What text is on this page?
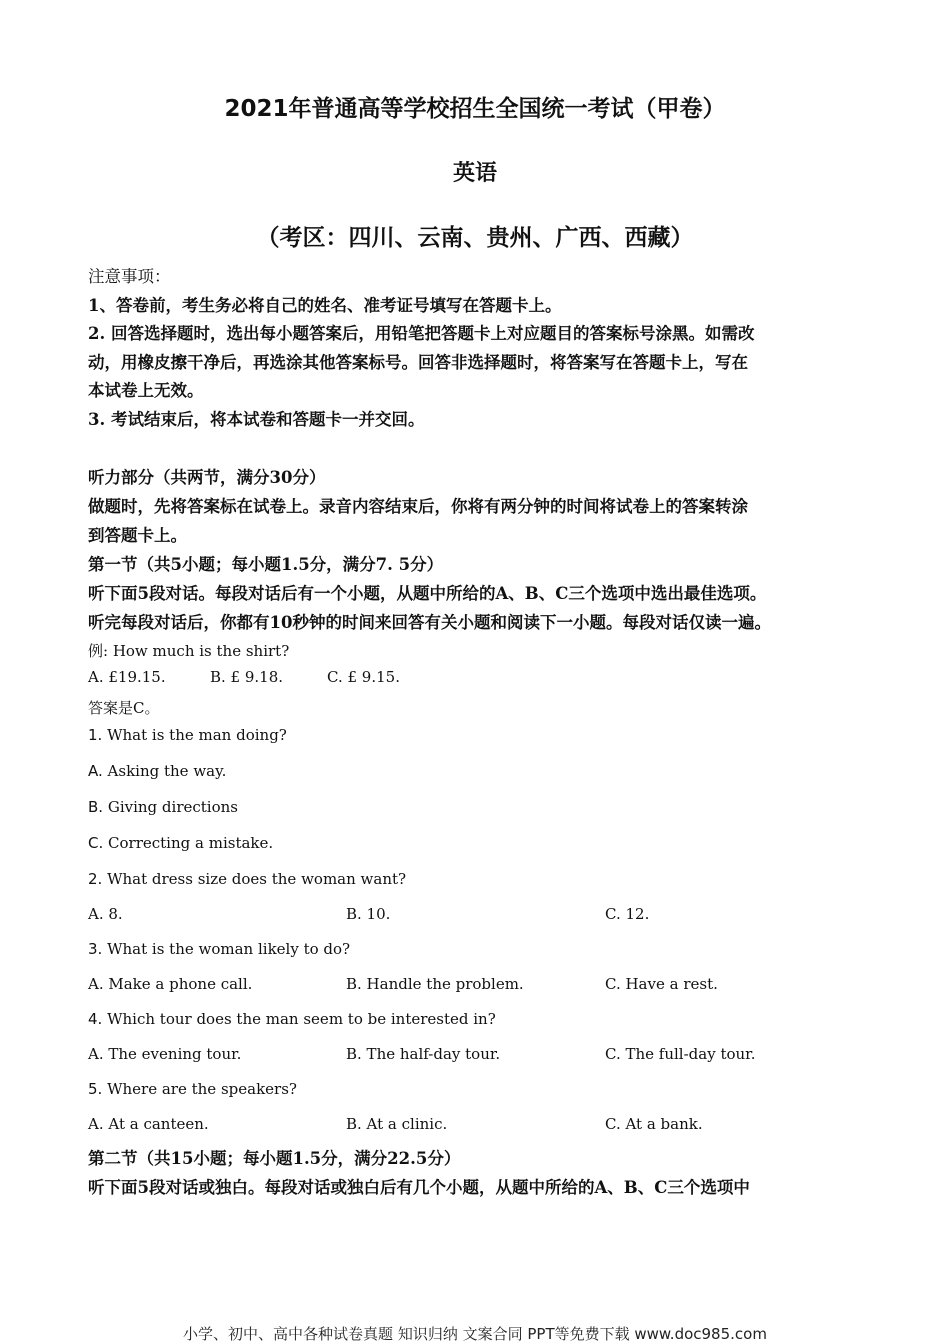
2021年普通高等学校招生全国统一考试（甲卷）
英语
（考区：四川、云南、贵州、广西、西藏）

注意事项：

1、答卷前，考生务必将自己的姓名、准考证号填写在答题卡上。

2. 回答选择题时，选出每小题答案后，用铅笔把答题卡上对应题目的答案标号涂黑。如需改

动，用橡皮擦干净后，再选涂其他答案标号。回答非选择题时，将答案写在答题卡上，写在

本试卷上无效。

3. 考试结束后，将本试卷和答题卡一并交回。

听力部分（共两节，满分30分）

做题时，先将答案标在试卷上。录音内容结束后，你将有两分钟的时间将试卷上的答案转涂

到答题卡上。

第一节（共5小题；每小题1.5分，满分7. 5分）

听下面5段对话。每段对话后有一个小题，从题中所给的A、B、C三个选项中选出最佳选项。

听完每段对话后，你都有10秒钟的时间来回答有关小题和阅读下一小题。每段对话仅读一遍。

例: How much is the shirt?
A. £19.15.	B. £ 9.18.	C. £ 9.15.
答案是C。
1. What is the man doing?
A. Asking the way.
B. Giving directions
C. Correcting a mistake.
2. What dress size does the woman want?
A. 8.	B. 10.	C. 12.
3. What is the woman likely to do?
A. Make a phone call.	B. Handle the problem.	C. Have a rest.
4. Which tour does the man seem to be interested in?
A. The evening tour.	B. The half-day tour.	C. The full-day tour.
5. Where are the speakers?
A. At a canteen.	B. At a clinic.	C. At a bank.

第二节（共15小题；每小题1.5分，满分22.5分）

听下面5段对话或独白。每段对话或独白后有几个小题，从题中所给的A、B、C三个选项中

小学、初中、高中各种试卷真题 知识归纳 文案合同 PPT等免费下载 www.doc985.com
